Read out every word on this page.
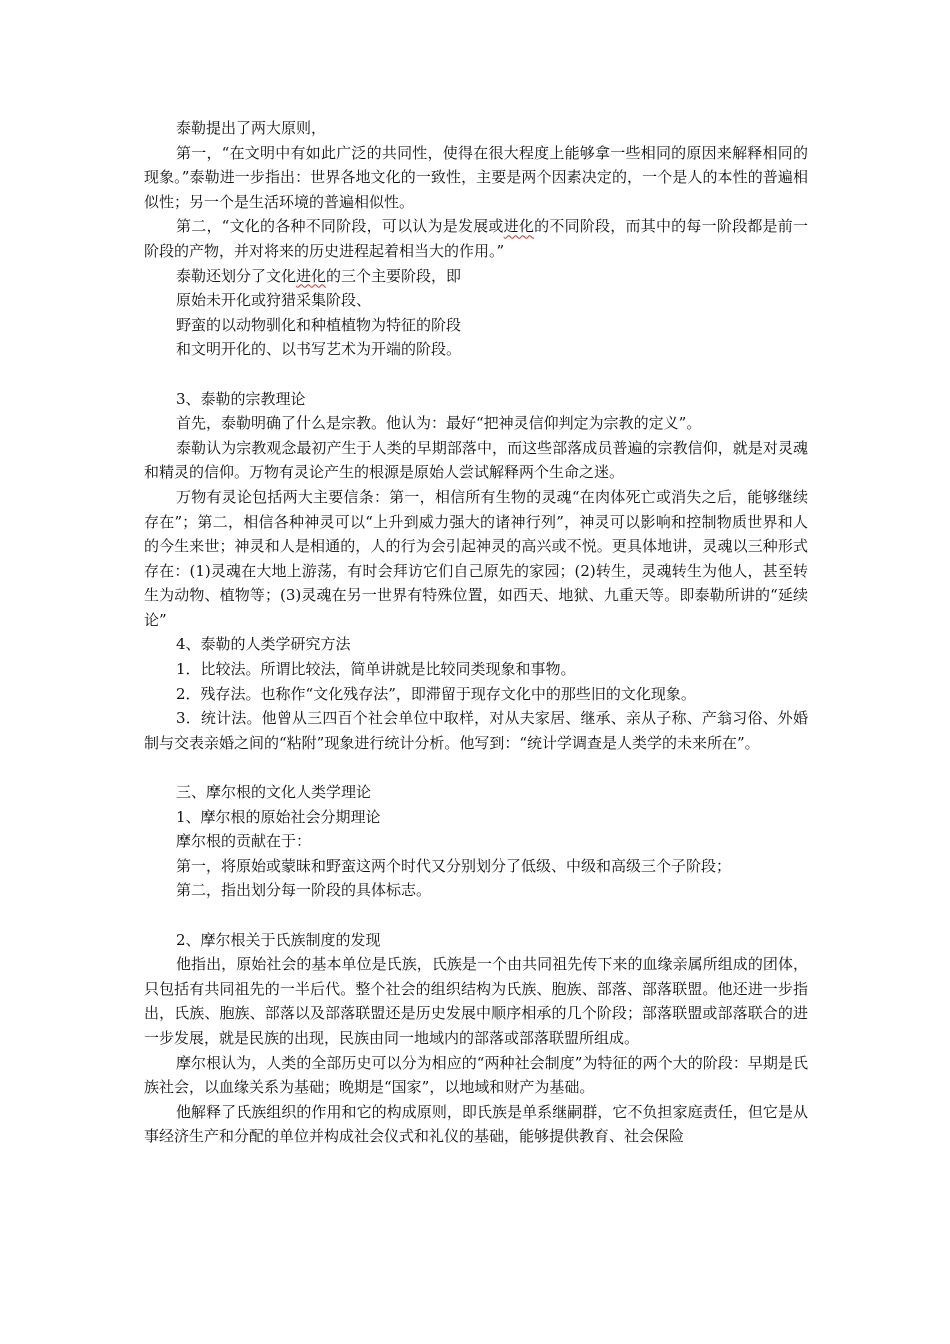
泰勒提出了两大原则，

第一，“在文明中有如此广泛的共同性，使得在很大程度上能够拿一些相同的原因来解释相同的现象。”泰勒进一步指出：世界各地文化的一致性，主要是两个因素决定的，一个是人的本性的普遍相似性；另一个是生活环境的普遍相似性。

第二，“文化的各种不同阶段，可以认为是发展或进化的不同阶段，而其中的每一阶段都是前一阶段的产物，并对将来的历史进程起着相当大的作用。”

泰勒还划分了文化进化的三个主要阶段，即

原始未开化或狩猎采集阶段、

野蛮的以动物驯化和种植植物为特征的阶段

和文明开化的、以书写艺术为开端的阶段。

3、泰勒的宗教理论

首先，泰勒明确了什么是宗教。他认为：最好“把神灵信仰判定为宗教的定义”。

泰勒认为宗教观念最初产生于人类的早期部落中，而这些部落成员普遍的宗教信仰，就是对灵魂和精灵的信仰。万物有灵论产生的根源是原始人尝试解释两个生命之迷。

万物有灵论包括两大主要信条：第一，相信所有生物的灵魂“在肉体死亡或消失之后，能够继续存在”；第二，相信各种神灵可以“上升到威力强大的诸神行列”，神灵可以影响和控制物质世界和人的今生来世；神灵和人是相通的，人的行为会引起神灵的高兴或不悦。更具体地讲，灵魂以三种形式存在：(1)灵魂在大地上游荡，有时会拜访它们自己原先的家园；(2)转生，灵魂转生为他人，甚至转生为动物、植物等；(3)灵魂在另一世界有特殊位置，如西天、地狱、九重天等。即泰勒所讲的“延续论”

4、泰勒的人类学研究方法

1．比较法。所谓比较法，简单讲就是比较同类现象和事物。

2．残存法。也称作“文化残存法”，即滞留于现存文化中的那些旧的文化现象。

3．统计法。他曾从三四百个社会单位中取样，对从夫家居、继承、亲从子称、产翁习俗、外婚制与交表亲婚之间的“粘附”现象进行统计分析。他写到：“统计学调查是人类学的未来所在”。

三、摩尔根的文化人类学理论

1、摩尔根的原始社会分期理论

摩尔根的贡献在于：

第一，将原始或蒙昧和野蛮这两个时代又分别划分了低级、中级和高级三个子阶段；

第二，指出划分每一阶段的具体标志。

2、摩尔根关于氏族制度的发现

他指出，原始社会的基本单位是氏族，氏族是一个由共同祖先传下来的血缘亲属所组成的团体，只包括有共同祖先的一半后代。整个社会的组织结构为氏族、胞族、部落、部落联盟。他还进一步指出，氏族、胞族、部落以及部落联盟还是历史发展中顺序相承的几个阶段；部落联盟或部落联合的进一步发展，就是民族的出现，民族由同一地域内的部落或部落联盟所组成。

摩尔根认为，人类的全部历史可以分为相应的“两种社会制度”为特征的两个大的阶段：早期是氏族社会，以血缘关系为基础；晚期是“国家”，以地域和财产为基础。

他解释了氏族组织的作用和它的构成原则，即氏族是单系继嗣群，它不负担家庭责任，但它是从事经济生产和分配的单位并构成社会仪式和礼仪的基础，能够提供教育、社会保险
